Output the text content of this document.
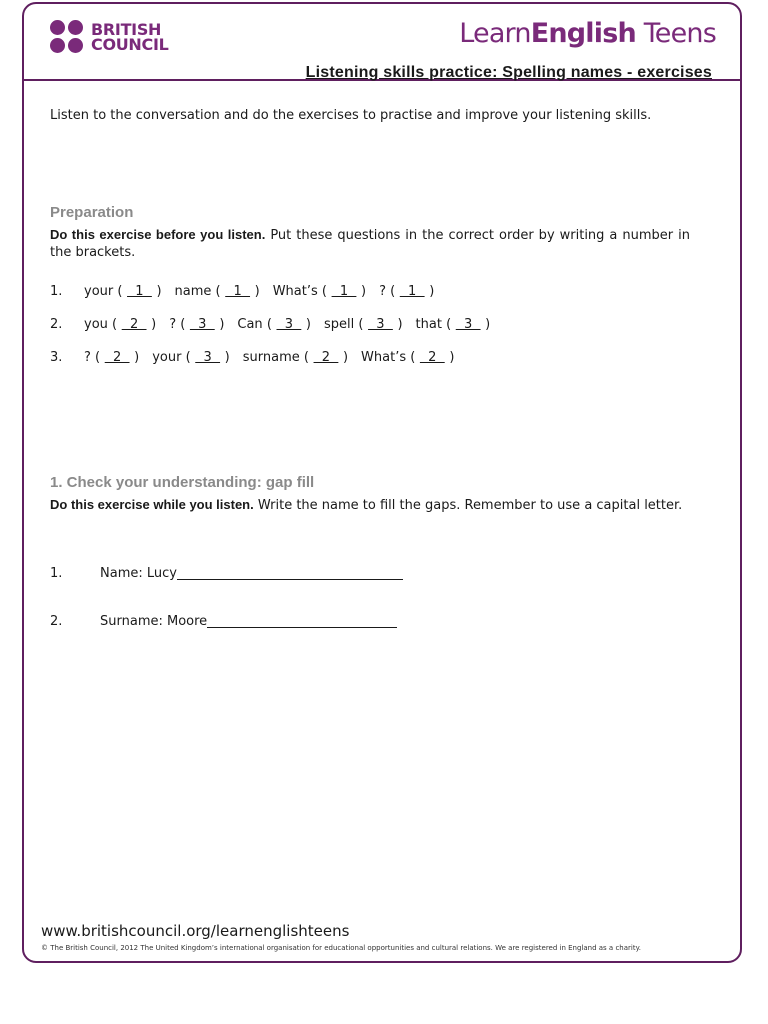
BRITISH
COUNCIL	LearnEnglish Teens
Listening skills practice: Spelling names - exercises
Listen to the conversation and do the exercises to practise and improve your listening skills.
Preparation
Do this exercise before you listen. Put these questions in the correct order by writing a number in the brackets.
1.	your (  1  ) name (  1  ) What’s (  1  ) ? (  1  )
2.	you (  2  ) ? (  3  ) Can (  3  ) spell (  3  ) that (  3  )
3.	? (  2  ) your (  3  ) surname (  2  ) What’s (  2  )
1. Check your understanding: gap fill
Do this exercise while you listen. Write the name to fill the gaps. Remember to use a capital letter.
1.	Name: Lucy
2.	Surname: Moore
www.britishcouncil.org/learnenglishteens
© The British Council, 2012 The United Kingdom’s international organisation for educational opportunities and cultural relations. We are registered in England as a charity.
